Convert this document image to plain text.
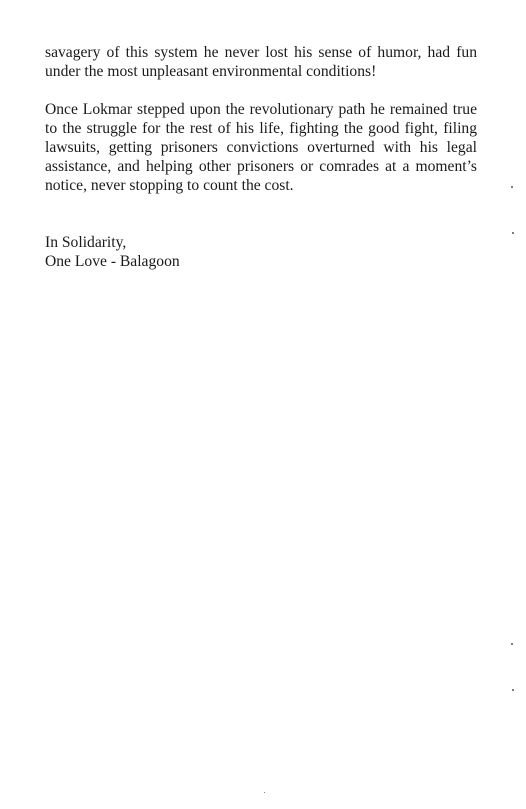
savagery of this system he never lost his sense of humor, had fun under the most unpleasant environmental conditions!

Once Lokmar stepped upon the revolutionary path he remained true to the struggle for the rest of his life, fighting the good fight, filing lawsuits, getting prisoners convictions overturned with his legal assistance, and helping other prisoners or comrades at a moment’s notice, never stopping to count the cost.

In Solidarity,
One Love - Balagoon
